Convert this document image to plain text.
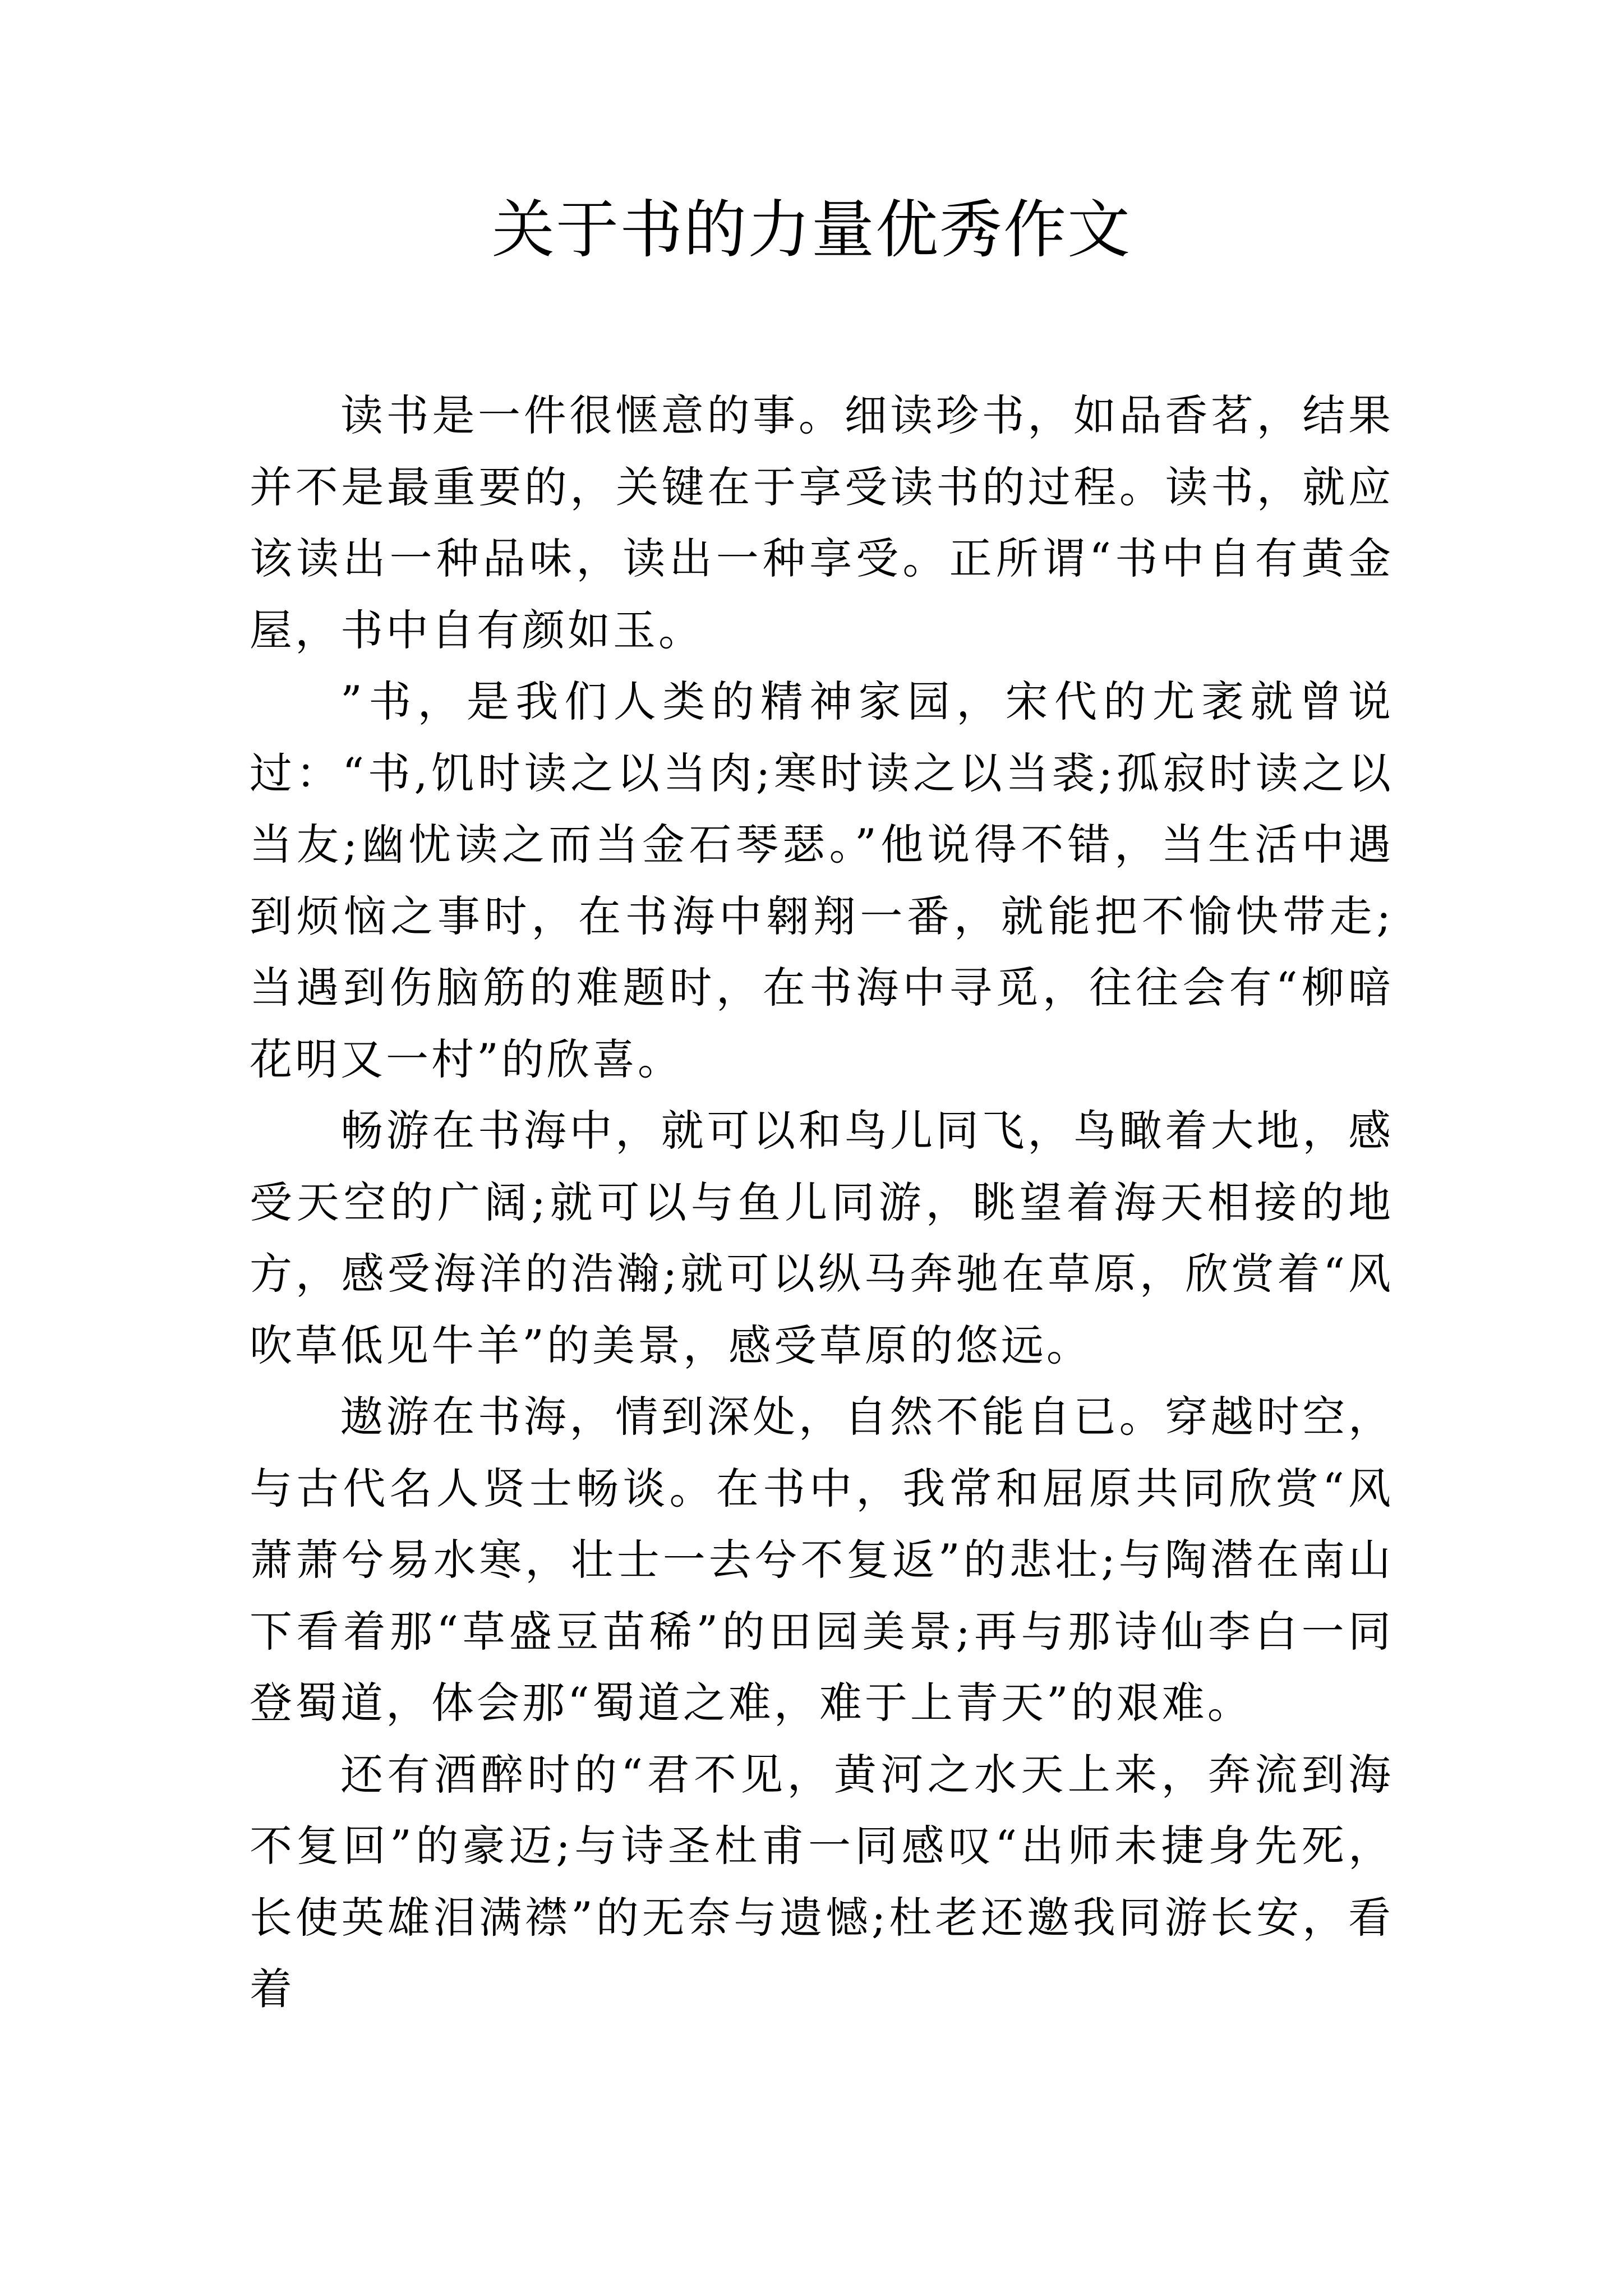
关于书的力量优秀作文

读书是一件很惬意的事。细读珍书，如品香茗，结果并不是最重要的，关键在于享受读书的过程。读书，就应该读出一种品味，读出一种享受。正所谓“书中自有黄金屋，书中自有颜如玉。

”书，是我们人类的精神家园，宋代的尤袤就曾说过：“书,饥时读之以当肉;寒时读之以当裘;孤寂时读之以当友;幽忧读之而当金石琴瑟。”他说得不错，当生活中遇到烦恼之事时，在书海中翱翔一番，就能把不愉快带走;当遇到伤脑筋的难题时，在书海中寻觅，往往会有“柳暗花明又一村”的欣喜。

畅游在书海中，就可以和鸟儿同飞，鸟瞰着大地，感受天空的广阔;就可以与鱼儿同游，眺望着海天相接的地方，感受海洋的浩瀚;就可以纵马奔驰在草原，欣赏着“风吹草低见牛羊”的美景，感受草原的悠远。

遨游在书海，情到深处，自然不能自已。穿越时空，与古代名人贤士畅谈。在书中，我常和屈原共同欣赏“风萧萧兮易水寒，壮士一去兮不复返”的悲壮;与陶潜在南山下看着那“草盛豆苗稀”的田园美景;再与那诗仙李白一同登蜀道，体会那“蜀道之难，难于上青天”的艰难。

还有酒醉时的“君不见，黄河之水天上来，奔流到海不复回”的豪迈;与诗圣杜甫一同感叹“出师未捷身先死，长使英雄泪满襟”的无奈与遗憾;杜老还邀我同游长安，看着
